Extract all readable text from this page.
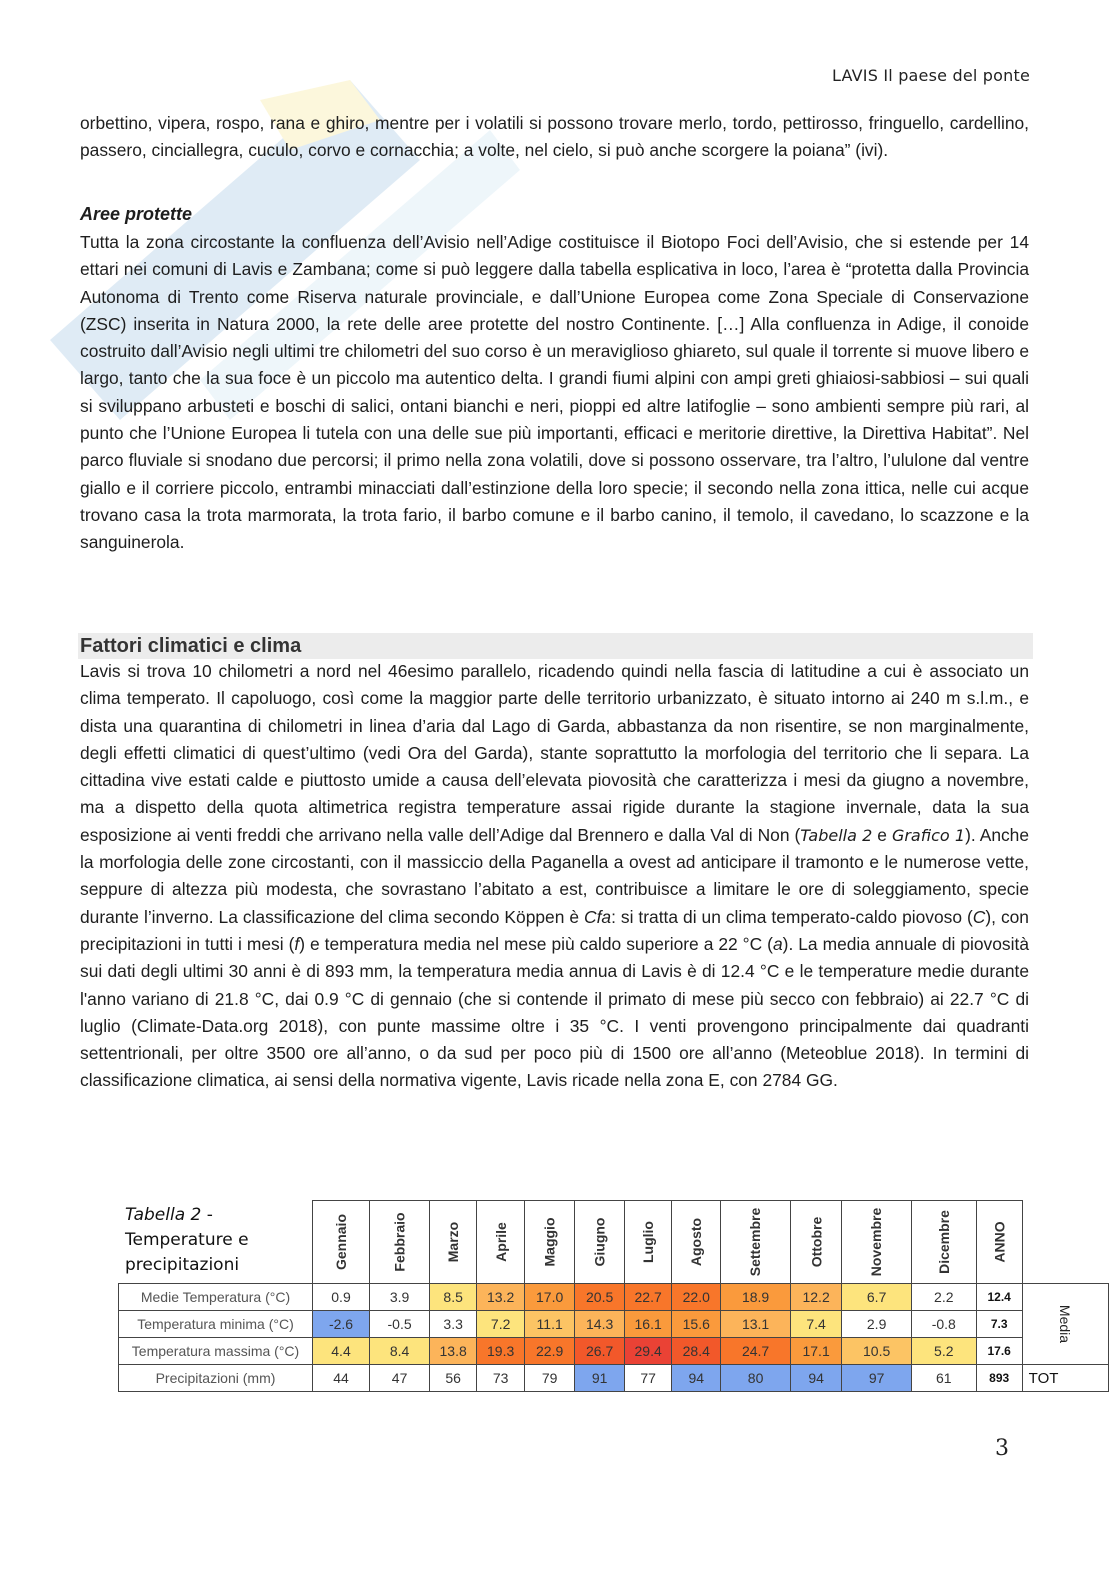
LAVIS Il paese del ponte

orbettino, vipera, rospo, rana e ghiro, mentre per i volatili si possono trovare merlo, tordo, pettirosso, fringuello, cardellino, passero, cinciallegra, cuculo, corvo e cornacchia; a volte, nel cielo, si può anche scorgere la poiana” (ivi).

Aree protette

Tutta la zona circostante la confluenza dell’Avisio nell’Adige costituisce il Biotopo Foci dell’Avisio, che si estende per 14 ettari nei comuni di Lavis e Zambana; come si può leggere dalla tabella esplicativa in loco, l’area è “protetta dalla Provincia Autonoma di Trento come Riserva naturale provinciale, e dall’Unione Europea come Zona Speciale di Conservazione (ZSC) inserita in Natura 2000, la rete delle aree protette del nostro Continente. […] Alla confluenza in Adige, il conoide costruito dall’Avisio negli ultimi tre chilometri del suo corso è un meraviglioso ghiareto, sul quale il torrente si muove libero e largo, tanto che la sua foce è un piccolo ma autentico delta. I grandi fiumi alpini con ampi greti ghiaiosi-sabbiosi – sui quali si sviluppano arbusteti e boschi di salici, ontani bianchi e neri, pioppi ed altre latifoglie – sono ambienti sempre più rari, al punto che l’Unione Europea li tutela con una delle sue più importanti, efficaci e meritorie direttive, la Direttiva Habitat”. Nel parco fluviale si snodano due percorsi; il primo nella zona volatili, dove si possono osservare, tra l’altro, l’ululone dal ventre giallo e il corriere piccolo, entrambi minacciati dall’estinzione della loro specie; il secondo nella zona ittica, nelle cui acque trovano casa la trota marmorata, la trota fario, il barbo comune e il barbo canino, il temolo, il cavedano, lo scazzone e la sanguinerola.

Fattori climatici e clima

Lavis si trova 10 chilometri a nord nel 46esimo parallelo, ricadendo quindi nella fascia di latitudine a cui è associato un clima temperato. Il capoluogo, così come la maggior parte delle territorio urbanizzato, è situato intorno ai 240 m s.l.m., e dista una quarantina di chilometri in linea d’aria dal Lago di Garda, abbastanza da non risentire, se non marginalmente, degli effetti climatici di quest’ultimo (vedi Ora del Garda), stante soprattutto la morfologia del territorio che li separa. La cittadina vive estati calde e piuttosto umide a causa dell’elevata piovosità che caratterizza i mesi da giugno a novembre, ma a dispetto della quota altimetrica registra temperature assai rigide durante la stagione invernale, data la sua esposizione ai venti freddi che arrivano nella valle dell’Adige dal Brennero e dalla Val di Non (Tabella 2 e Grafico 1). Anche la morfologia delle zone circostanti, con il massiccio della Paganella a ovest ad anticipare il tramonto e le numerose vette, seppure di altezza più modesta, che sovrastano l’abitato a est, contribuisce a limitare le ore di soleggiamento, specie durante l’inverno. La classificazione del clima secondo Köppen è Cfa: si tratta di un clima temperato-caldo piovoso (C), con precipitazioni in tutti i mesi (f) e temperatura media nel mese più caldo superiore a 22 °C (a). La media annuale di piovosità sui dati degli ultimi 30 anni è di 893 mm, la temperatura media annua di Lavis è di 12.4 °C e le temperature medie durante l'anno variano di 21.8 °C, dai 0.9 °C di gennaio (che si contende il primato di mese più secco con febbraio) ai 22.7 °C di luglio (Climate-Data.org 2018), con punte massime oltre i 35 °C. I venti provengono principalmente dai quadranti settentrionali, per oltre 3500 ore all’anno, o da sud per poco più di 1500 ore all’anno (Meteoblue 2018). In termini di classificazione climatica, ai sensi della normativa vigente, Lavis ricade nella zona E, con 2784 GG.

	Gennaio	Febbraio	Marzo	Aprile	Maggio	Giugno	Luglio	Agosto	Settembre	Ottobre	Novembre	Dicembre	ANNO	
Medie Temperatura (°C)	0.9	3.9	8.5	13.2	17.0	20.5	22.7	22.0	18.9	12.2	6.7	2.2	12.4	Media
Temperatura minima (°C)	-2.6	-0.5	3.3	7.2	11.1	14.3	16.1	15.6	13.1	7.4	2.9	-0.8	7.3	
Temperatura massima (°C)	4.4	8.4	13.8	19.3	22.9	26.7	29.4	28.4	24.7	17.1	10.5	5.2	17.6	
Precipitazioni (mm)	44	47	56	73	79	91	77	94	80	94	97	61	893	TOT
Tabella 2 - Temperature e precipitazioni
3
